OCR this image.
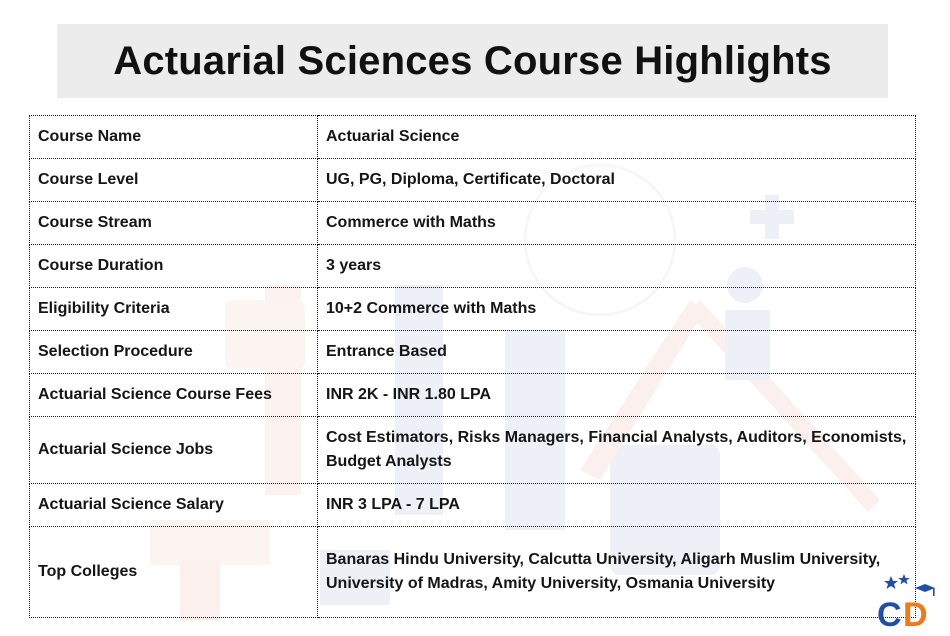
Actuarial Sciences Course Highlights
Course Name	Actuarial Science
Course Level	UG, PG, Diploma, Certificate, Doctoral
Course Stream	Commerce with Maths
Course Duration	3 years
Eligibility Criteria	10+2 Commerce with Maths
Selection Procedure	Entrance Based
Actuarial Science Course Fees	INR 2K - INR 1.80 LPA
Actuarial Science Jobs	Cost Estimators, Risks Managers, Financial Analysts, Auditors, Economists, Budget Analysts
Actuarial Science Salary	INR 3 LPA - 7 LPA
Top Colleges	Banaras Hindu University, Calcutta University, Aligarh Muslim University, University of Madras, Amity University, Osmania University
C D
